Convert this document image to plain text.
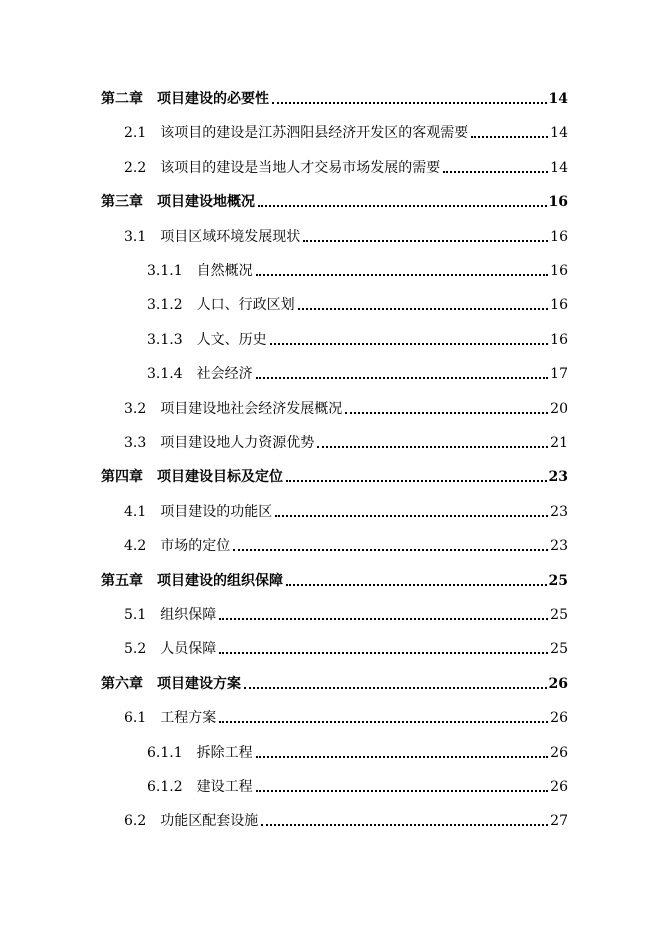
第二章 项目建设的必要性	14
2.1 该项目的建设是江苏泗阳县经济开发区的客观需要	14
2.2 该项目的建设是当地人才交易市场发展的需要	14
第三章 项目建设地概况	16
3.1 项目区域环境发展现状	16
3.1.1 自然概况	16
3.1.2 人口、行政区划	16
3.1.3 人文、历史	16
3.1.4 社会经济	17
3.2 项目建设地社会经济发展概况	20
3.3 项目建设地人力资源优势	21
第四章 项目建设目标及定位	23
4.1 项目建设的功能区	23
4.2 市场的定位	23
第五章 项目建设的组织保障	25
5.1 组织保障	25
5.2 人员保障	25
第六章 项目建设方案	26
6.1 工程方案	26
6.1.1 拆除工程	26
6.1.2 建设工程	26
6.2 功能区配套设施	27
